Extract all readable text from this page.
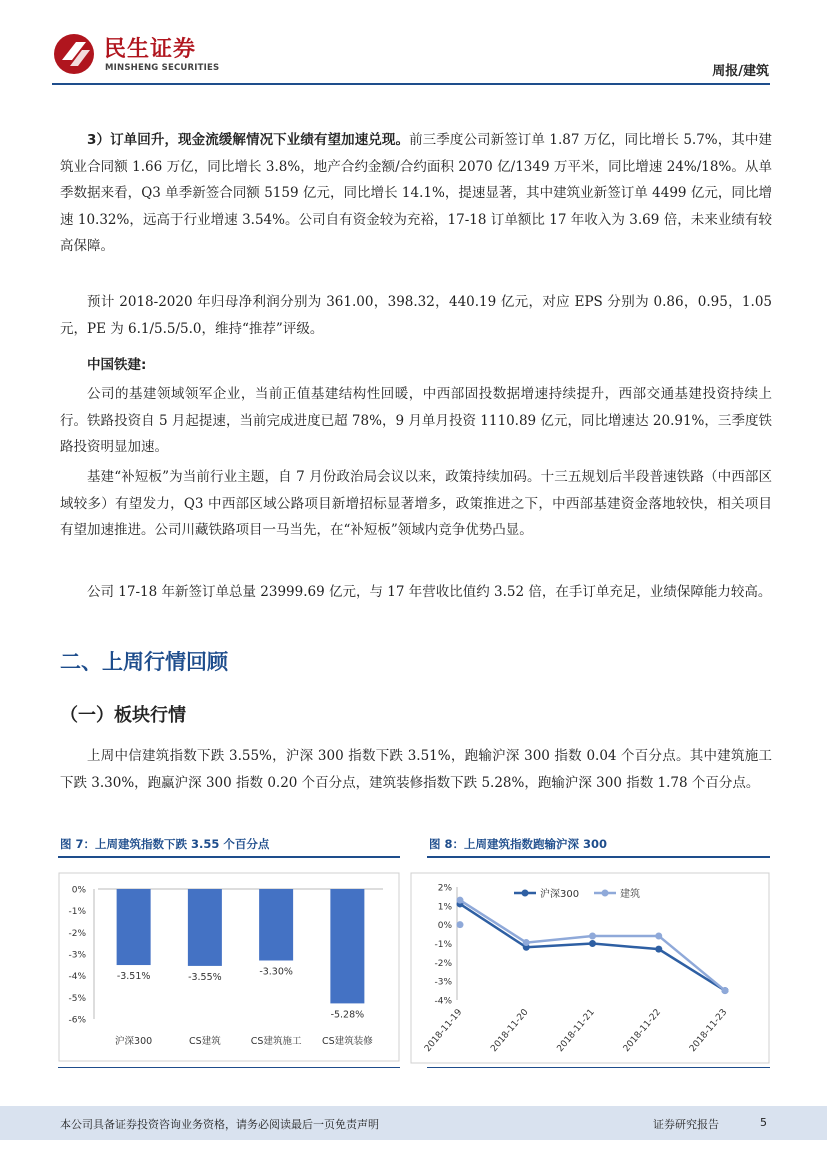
民生证券
MINSHENG SECURITIES	周报/建筑

3）订单回升，现金流缓解情况下业绩有望加速兑现。前三季度公司新签订单 1.87 万亿，同比增长 5.7%，其中建筑业合同额 1.66 万亿，同比增长 3.8%，地产合约金额/合约面积 2070 亿/1349 万平米，同比增速 24%/18%。从单季数据来看，Q3 单季新签合同额 5159 亿元，同比增长 14.1%，提速显著，其中建筑业新签订单 4499 亿元，同比增速 10.32%，远高于行业增速 3.54%。公司自有资金较为充裕，17-18 订单额比 17 年收入为 3.69 倍，未来业绩有较高保障。

预计 2018-2020 年归母净利润分别为 361.00，398.32，440.19 亿元，对应 EPS 分别为 0.86，0.95，1.05 元，PE 为 6.1/5.5/5.0，维持“推荐”评级。

中国铁建:

公司的基建领域领军企业，当前正值基建结构性回暖，中西部固投数据增速持续提升，西部交通基建投资持续上行。铁路投资自 5 月起提速，当前完成进度已超 78%，9 月单月投资 1110.89 亿元，同比增速达 20.91%，三季度铁路投资明显加速。

基建“补短板”为当前行业主题，自 7 月份政治局会议以来，政策持续加码。十三五规划后半段普速铁路（中西部区域较多）有望发力，Q3 中西部区域公路项目新增招标显著增多，政策推进之下，中西部基建资金落地较快，相关项目有望加速推进。公司川藏铁路项目一马当先，在“补短板”领域内竞争优势凸显。

公司 17-18 年新签订单总量 23999.69 亿元，与 17 年营收比值约 3.52 倍，在手订单充足，业绩保障能力较高。

二、上周行情回顾
（一）板块行情

上周中信建筑指数下跌 3.55%，沪深 300 指数下跌 3.51%，跑输沪深 300 指数 0.04 个百分点。其中建筑施工下跌 3.30%，跑赢沪深 300 指数 0.20 个百分点，建筑装修指数下跌 5.28%，跑输沪深 300 指数 1.78 个百分点。

图 7：上周建筑指数下跌 3.55 个百分点	图 8：上周建筑指数跑输沪深 300
0%
-1%
-2%
-3%
-4%
-5%
-6%
-3.51%
沪深300
-3.55%
CS建筑
-3.30%
CS建筑施工
-5.28%
CS建筑装修
2%
1%
0%
-1%
-2%
-3%
-4%
2018-11-19	2018-11-20	2018-11-21	2018-11-22	2018-11-23
沪深300	建筑
本公司具备证券投资咨询业务资格，请务必阅读最后一页免责声明	证券研究报告	5
